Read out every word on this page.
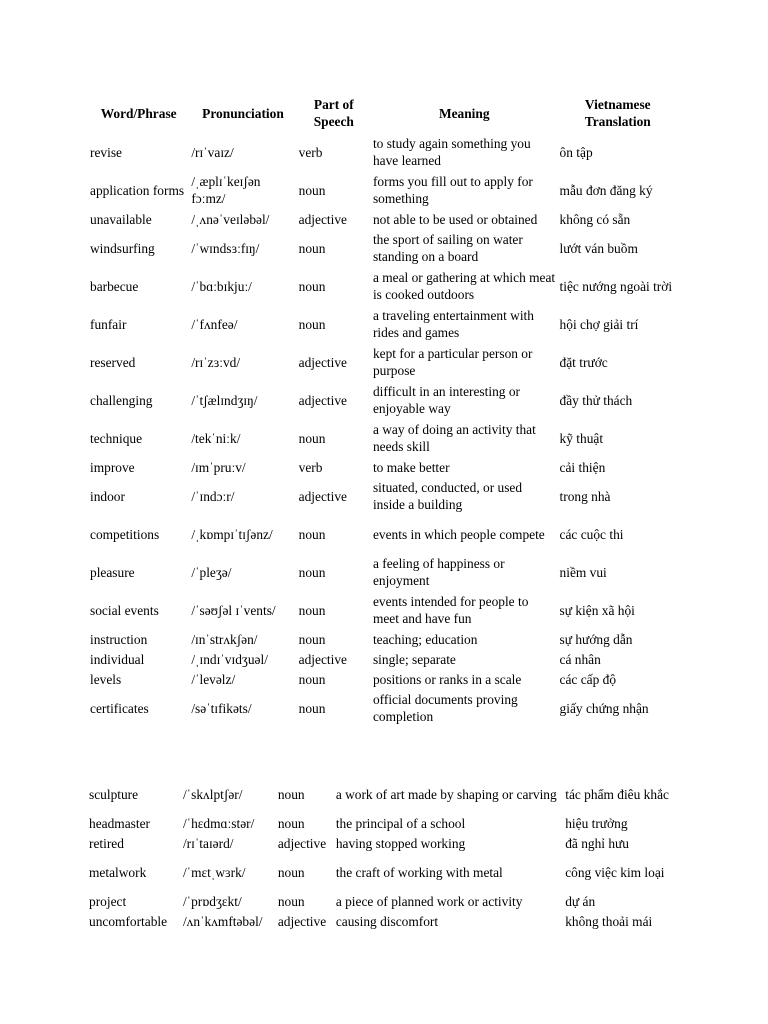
Word/Phrase	Pronunciation	Part of Speech	Meaning	Vietnamese Translation
revise	/rɪˈvaɪz/	verb	to study again something you have learned	ôn tập
application forms	/ˌæplɪˈkeɪʃən fɔːmz/	noun	forms you fill out to apply for something	mẫu đơn đăng ký
unavailable	/ˌʌnəˈveɪləbəl/	adjective	not able to be used or obtained	không có sẵn
windsurfing	/ˈwɪndsɜːfɪŋ/	noun	the sport of sailing on water standing on a board	lướt ván buồm
barbecue	/ˈbɑːbɪkjuː/	noun	a meal or gathering at which meat is cooked outdoors	tiệc nướng ngoài trời
funfair	/ˈfʌnfeə/	noun	a traveling entertainment with rides and games	hội chợ giải trí
reserved	/rɪˈzɜːvd/	adjective	kept for a particular person or purpose	đặt trước
challenging	/ˈtʃælɪndʒɪŋ/	adjective	difficult in an interesting or enjoyable way	đầy thử thách
technique	/tekˈniːk/	noun	a way of doing an activity that needs skill	kỹ thuật
improve	/ɪmˈpruːv/	verb	to make better	cải thiện
indoor	/ˈɪndɔːr/	adjective	situated, conducted, or used inside a building	trong nhà
competitions	/ˌkɒmpɪˈtɪʃənz/	noun	events in which people compete	các cuộc thi
pleasure	/ˈpleʒə/	noun	a feeling of happiness or enjoyment	niềm vui
social events	/ˈsəʊʃəl ɪˈvents/	noun	events intended for people to meet and have fun	sự kiện xã hội
instruction	/ɪnˈstrʌkʃən/	noun	teaching; education	sự hướng dẫn
individual	/ˌɪndɪˈvɪdʒuəl/	adjective	single; separate	cá nhân
levels	/ˈlevəlz/	noun	positions or ranks in a scale	các cấp độ
certificates	/səˈtɪfikəts/	noun	official documents proving completion	giấy chứng nhận
sculpture	/ˈskʌlptʃər/	noun	a work of art made by shaping or carving	tác phẩm điêu khắc
headmaster	/ˈhɛdmɑːstər/	noun	the principal of a school	hiệu trưởng
retired	/rɪˈtaɪərd/	adjective	having stopped working	đã nghỉ hưu
metalwork	/ˈmɛtˌwɜrk/	noun	the craft of working with metal	công việc kim loại
project	/ˈprɒdʒɛkt/	noun	a piece of planned work or activity	dự án
uncomfortable	/ʌnˈkʌmftəbəl/	adjective	causing discomfort	không thoải mái
